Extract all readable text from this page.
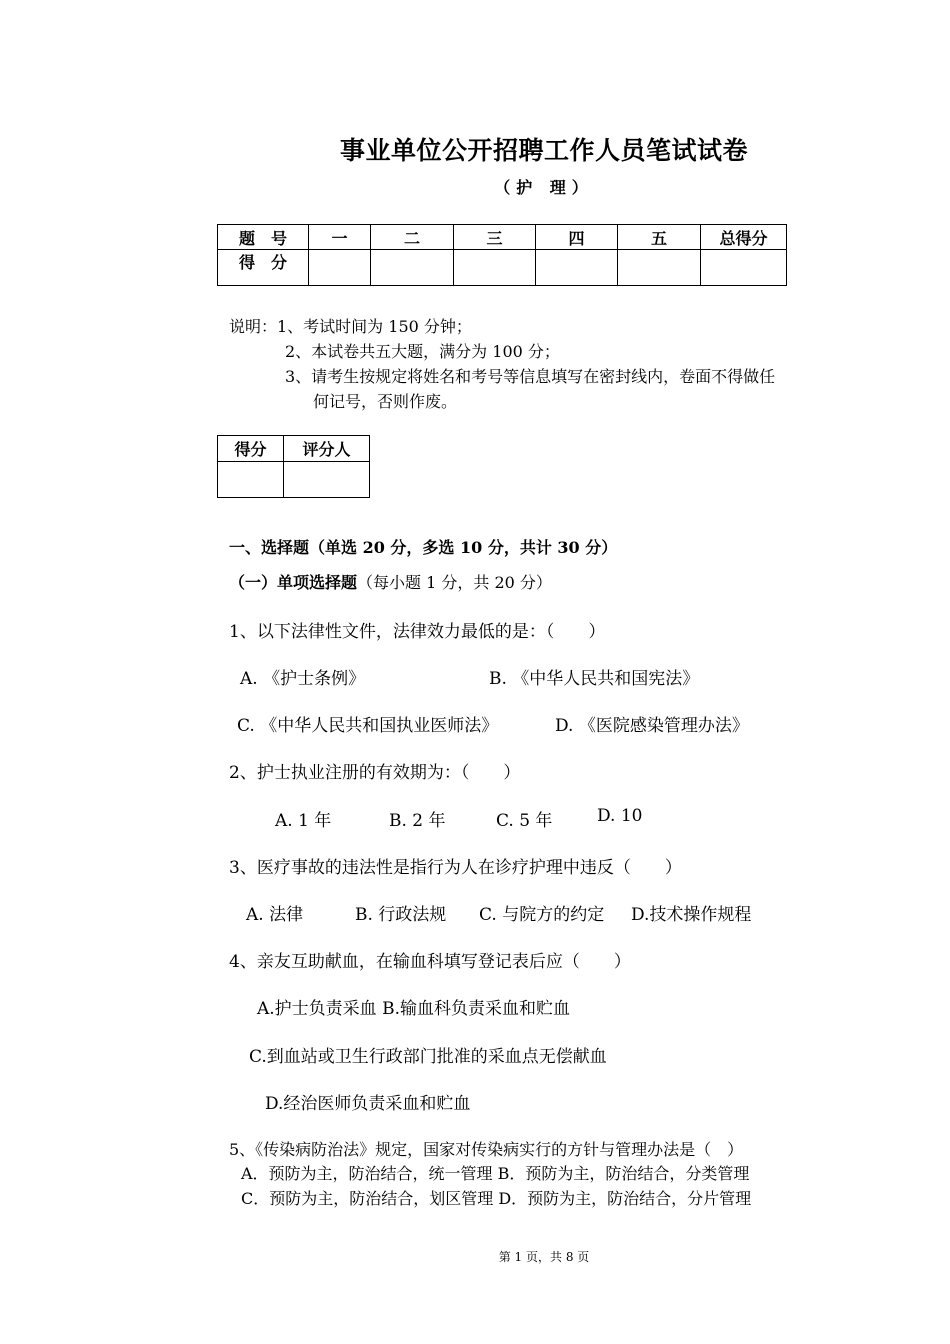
事业单位公开招聘工作人员笔试试卷
（护 理）
题　号	一	二	三	四	五	总得分
得　分						
说明：1、考试时间为 150 分钟；
2、本试卷共五大题，满分为 100 分；
3、请考生按规定将姓名和考号等信息填写在密封线内，卷面不得做任
何记号，否则作废。
得分	评分人

一、选择题（单选 20 分，多选 10 分，共计 30 分）
（一）单项选择题（每小题 1 分，共 20 分）
1、以下法律性文件，法律效力最低的是：（　　）
A. 《护士条例》	B. 《中华人民共和国宪法》
C. 《中华人民共和国执业医师法》	D. 《医院感染管理办法》
2、护士执业注册的有效期为：（　　）
A. 1 年	B. 2 年	C. 5 年	D. 10
3、医疗事故的违法性是指行为人在诊疗护理中违反（　　）
A. 法律	B. 行政法规 C. 与院方的约定 D.技术操作规程
4、亲友互助献血，在输血科填写登记表后应（　　）
A.护士负责采血 B.输血科负责采血和贮血
C.到血站或卫生行政部门批准的采血点无偿献血
D.经治医师负责采血和贮血
5、《传染病防治法》规定，国家对传染病实行的方针与管理办法是（　）
A．预防为主，防治结合，统一管理 B．预防为主，防治结合，分类管理
C．预防为主，防治结合，划区管理 D．预防为主，防治结合，分片管理
第 1 页，共 8 页
